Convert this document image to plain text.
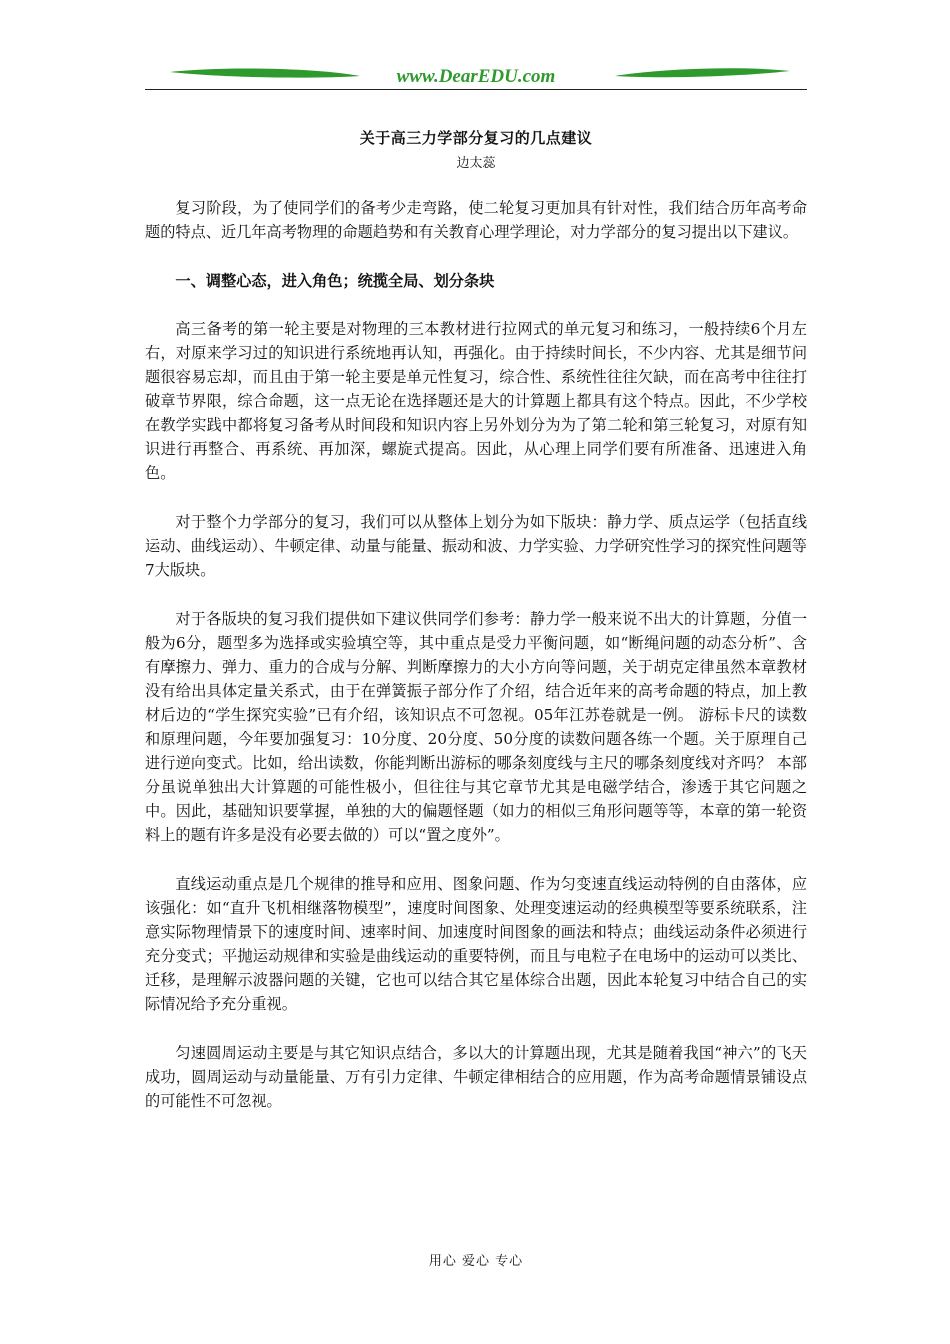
www.DearEDU.com
关于高三力学部分复习的几点建议
边太蕊

复习阶段，为了使同学们的备考少走弯路，使二轮复习更加具有针对性，我们结合历年高考命题的特点、近几年高考物理的命题趋势和有关教育心理学理论，对力学部分的复习提出以下建议。

一、调整心态，进入角色；统揽全局、划分条块

高三备考的第一轮主要是对物理的三本教材进行拉网式的单元复习和练习，一般持续6个月左右，对原来学习过的知识进行系统地再认知，再强化。由于持续时间长，不少内容、尤其是细节问题很容易忘却，而且由于第一轮主要是单元性复习，综合性、系统性往往欠缺，而在高考中往往打破章节界限，综合命题，这一点无论在选择题还是大的计算题上都具有这个特点。因此，不少学校在教学实践中都将复习备考从时间段和知识内容上另外划分为为了第二轮和第三轮复习，对原有知识进行再整合、再系统、再加深，螺旋式提高。因此，从心理上同学们要有所准备、迅速进入角色。

对于整个力学部分的复习，我们可以从整体上划分为如下版块：静力学、质点运学（包括直线运动、曲线运动）、牛顿定律、动量与能量、振动和波、力学实验、力学研究性学习的探究性问题等7大版块。

对于各版块的复习我们提供如下建议供同学们参考：静力学一般来说不出大的计算题，分值一般为6分，题型多为选择或实验填空等，其中重点是受力平衡问题，如“断绳问题的动态分析”、含有摩擦力、弹力、重力的合成与分解、判断摩擦力的大小方向等问题，关于胡克定律虽然本章教材没有给出具体定量关系式，由于在弹簧振子部分作了介绍，结合近年来的高考命题的特点，加上教材后边的“学生探究实验”已有介绍，该知识点不可忽视。05年江苏卷就是一例。 游标卡尺的读数和原理问题，今年要加强复习：10分度、20分度、50分度的读数问题各练一个题。关于原理自己进行逆向变式。比如，给出读数，你能判断出游标的哪条刻度线与主尺的哪条刻度线对齐吗？ 本部分虽说单独出大计算题的可能性极小，但往往与其它章节尤其是电磁学结合，渗透于其它问题之中。因此，基础知识要掌握，单独的大的偏题怪题（如力的相似三角形问题等等，本章的第一轮资料上的题有许多是没有必要去做的）可以“置之度外”。

直线运动重点是几个规律的推导和应用、图象问题、作为匀变速直线运动特例的自由落体，应该强化：如“直升飞机相继落物模型”，速度时间图象、处理变速运动的经典模型等要系统联系，注意实际物理情景下的速度时间、速率时间、加速度时间图象的画法和特点；曲线运动条件必须进行充分变式；平抛运动规律和实验是曲线运动的重要特例，而且与电粒子在电场中的运动可以类比、迁移，是理解示波器问题的关键，它也可以结合其它星体综合出题，因此本轮复习中结合自己的实际情况给予充分重视。

匀速圆周运动主要是与其它知识点结合，多以大的计算题出现，尤其是随着我国“神六”的飞天成功，圆周运动与动量能量、万有引力定律、牛顿定律相结合的应用题，作为高考命题情景铺设点的可能性不可忽视。

用心 爱心 专心
